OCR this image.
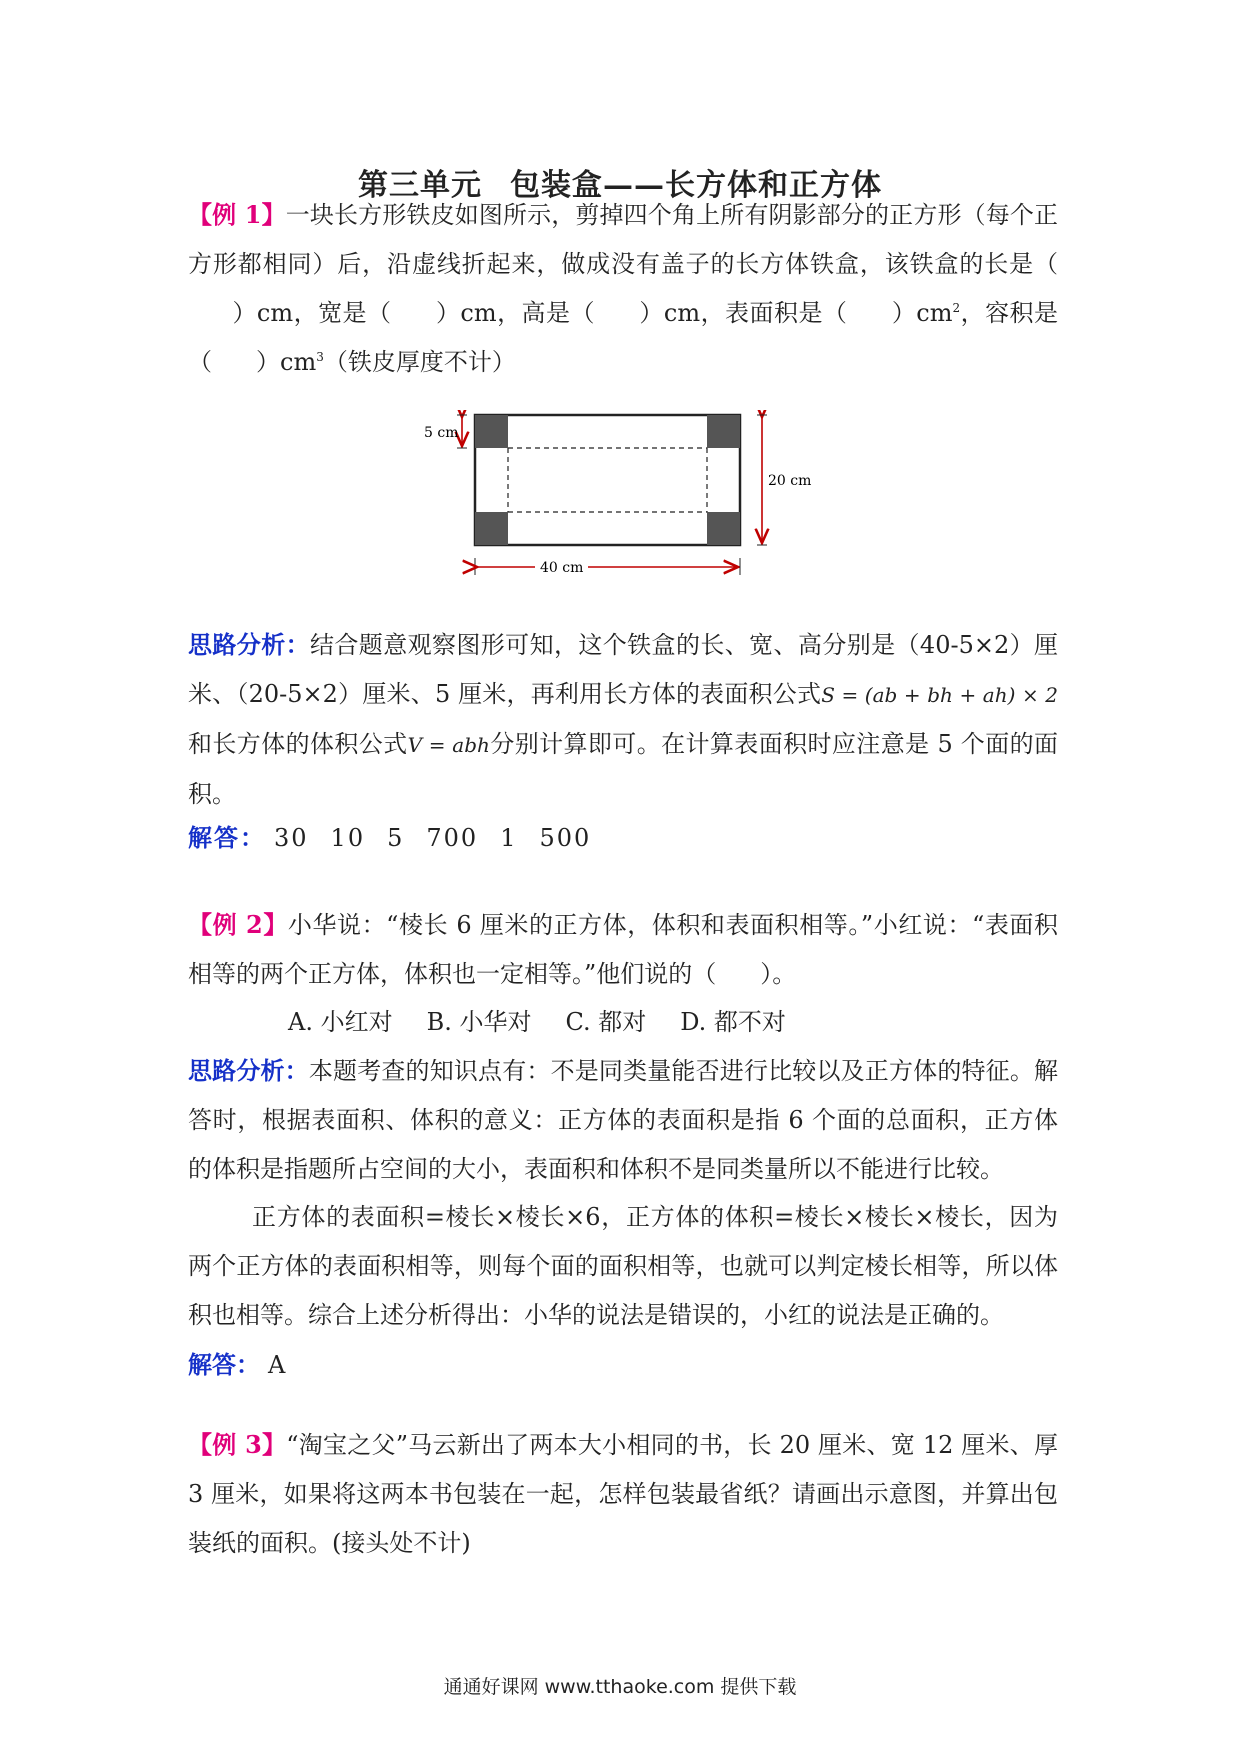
第三单元 包装盒——长方体和正方体
【例 1】一块长方形铁皮如图所示，剪掉四个角上所有阴影部分的正方形（每个正方形都相同）后，沿虚线折起来，做成没有盖子的长方体铁盒，该铁盒的长是（）cm，宽是（ ）cm，高是（ ）cm，表面积是（ ）$cm^2$，容积是（ ）$cm^3$（铁皮厚度不计）
5 cm
20 cm
40 cm
思路分析：结合题意观察图形可知，这个铁盒的长、宽、高分别是（40-5×2）厘米、（20-5×2）厘米、5 厘米，再利用长方体的表面积公式S = (ab + bh + ah) × 2和长方体的体积公式V = abh分别计算即可。在计算表面积时应注意是 5 个面的面积。
解答： 30 10 5 700 1 500
【例 2】小华说：“棱长 6 厘米的正方体，体积和表面积相等。”小红说：“表面积相等的两个正方体，体积也一定相等。”他们说的（ ）。
A. 小红对 B. 小华对 C. 都对 D. 都不对
思路分析：本题考查的知识点有：不是同类量能否进行比较以及正方体的特征。解答时，根据表面积、体积的意义：正方体的表面积是指 6 个面的总面积，正方体的体积是指题所占空间的大小，表面积和体积不是同类量所以不能进行比较。
正方体的表面积=棱长×棱长×6，正方体的体积=棱长×棱长×棱长，因为两个正方体的表面积相等，则每个面的面积相等，也就可以判定棱长相等，所以体积也相等。综合上述分析得出：小华的说法是错误的，小红的说法是正确的。
解答： A
【例 3】“淘宝之父”马云新出了两本大小相同的书，长 20 厘米、宽 12 厘米、厚 3 厘米，如果将这两本书包装在一起，怎样包装最省纸？请画出示意图，并算出包装纸的面积。(接头处不计)
通通好课网 www.tthaoke.com 提供下载
